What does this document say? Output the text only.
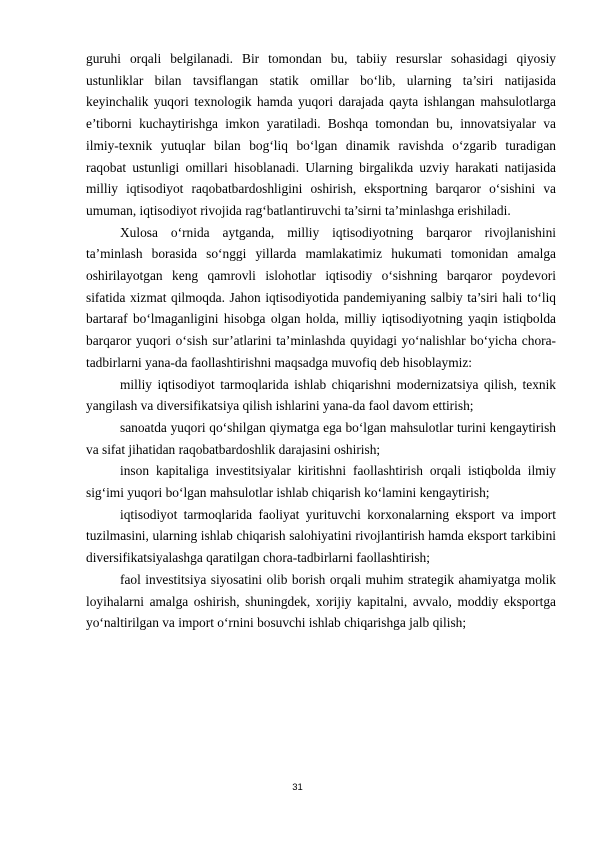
guruhi orqali belgilanadi. Bir tomondan bu, tabiiy resurslar sohasidagi qiyosiy ustunliklar bilan tavsiflangan statik omillar bo‘lib, ularning ta’siri natijasida keyinchalik yuqori texnologik hamda yuqori darajada qayta ishlangan mahsulotlarga e’tiborni kuchaytirishga imkon yaratiladi. Boshqa tomondan bu, innovatsiyalar va ilmiy-texnik yutuqlar bilan bog‘liq bo‘lgan dinamik ravishda o‘zgarib turadigan raqobat ustunligi omillari hisoblanadi. Ularning birgalikda uzviy harakati natijasida milliy iqtisodiyot raqobatbardoshligini oshirish, eksportning barqaror o‘sishini va umuman, iqtisodiyot rivojida rag‘batlantiruvchi ta’sirni ta’minlashga erishiladi.

Xulosa o‘rnida aytganda, milliy iqtisodiyotning barqaror rivojlanishini ta’minlash borasida so‘nggi yillarda mamlakatimiz hukumati tomonidan amalga oshirilayotgan keng qamrovli islohotlar iqtisodiy o‘sishning barqaror poydevori sifatida xizmat qilmoqda. Jahon iqtisodiyotida pandemiyaning salbiy ta’siri hali to‘liq bartaraf bo‘lmaganligini hisobga olgan holda, milliy iqtisodiyotning yaqin istiqbolda barqaror yuqori o‘sish sur’atlarini ta’minlashda quyidagi yo‘nalishlar bo‘yicha chora-tadbirlarni yana-da faollashtirishni maqsadga muvofiq deb hisoblaymiz:

milliy iqtisodiyot tarmoqlarida ishlab chiqarishni modernizatsiya qilish, texnik yangilash va diversifikatsiya qilish ishlarini yana-da faol davom ettirish;

sanoatda yuqori qo‘shilgan qiymatga ega bo‘lgan mahsulotlar turini kengaytirish va sifat jihatidan raqobatbardoshlik darajasini oshirish;

inson kapitaliga investitsiyalar kiritishni faollashtirish orqali istiqbolda ilmiy sig‘imi yuqori bo‘lgan mahsulotlar ishlab chiqarish ko‘lamini kengaytirish;

iqtisodiyot tarmoqlarida faoliyat yurituvchi korxonalarning eksport va import tuzilmasini, ularning ishlab chiqarish salohiyatini rivojlantirish hamda eksport tarkibini diversifikatsiyalashga qaratilgan chora-tadbirlarni faollashtirish;

faol investitsiya siyosatini olib borish orqali muhim strategik ahamiyatga molik loyihalarni amalga oshirish, shuningdek, xorijiy kapitalni, avvalo, moddiy eksportga yo‘naltirilgan va import o‘rnini bosuvchi ishlab chiqarishga jalb qilish;

31
